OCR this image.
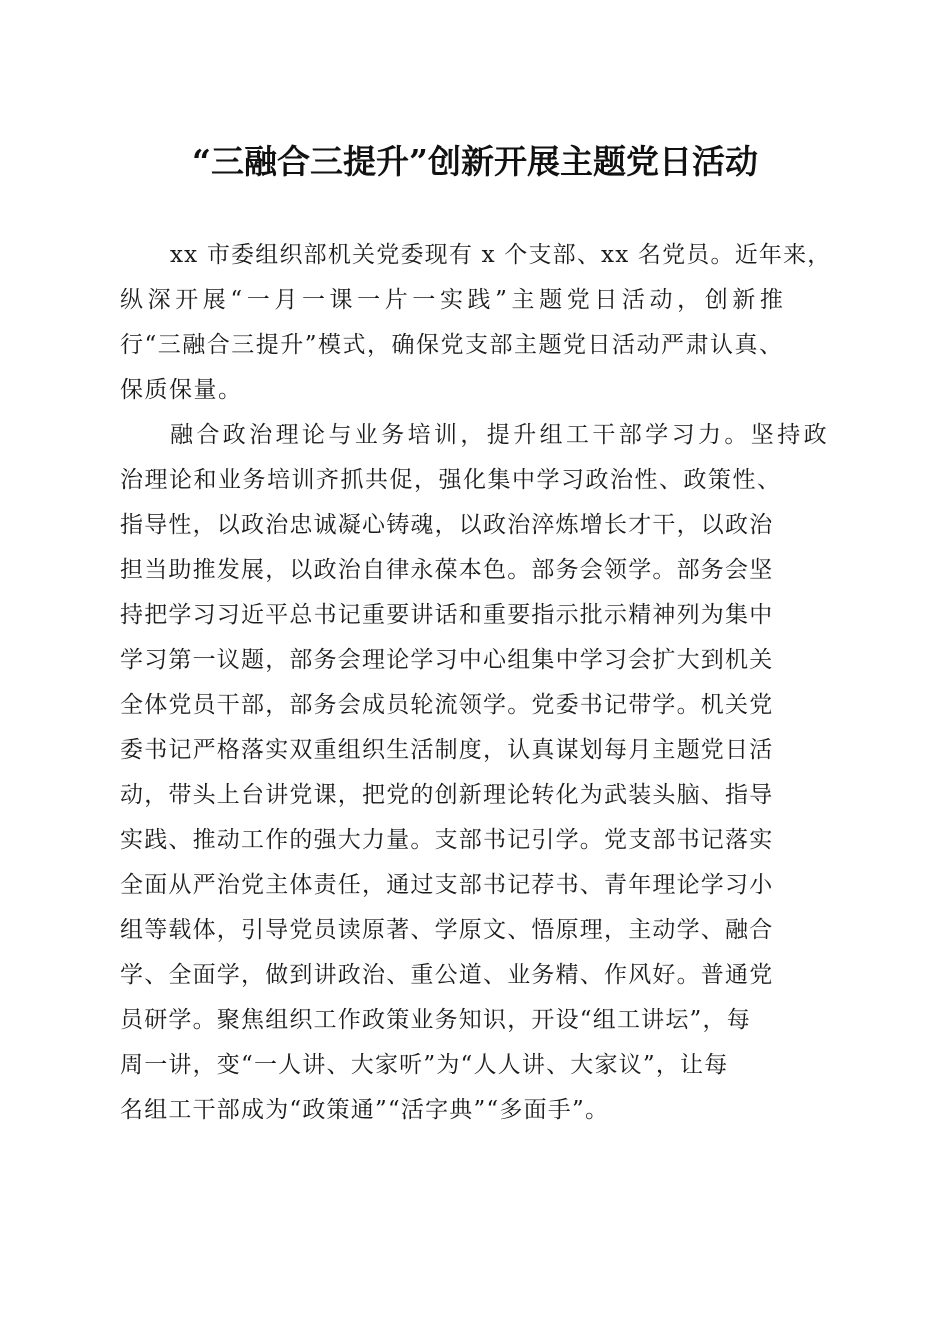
“三融合三提升”创新开展主题党日活动
xx 市委组织部机关党委现有 x 个支部、xx 名党员。近年来，
纵深开展“一月一课一片一实践”主题党日活动，创新推
行“三融合三提升”模式，确保党支部主题党日活动严肃认真、
保质保量。
融合政治理论与业务培训，提升组工干部学习力。坚持政
治理论和业务培训齐抓共促，强化集中学习政治性、政策性、
指导性，以政治忠诚凝心铸魂，以政治淬炼增长才干，以政治
担当助推发展，以政治自律永葆本色。部务会领学。部务会坚
持把学习习近平总书记重要讲话和重要指示批示精神列为集中
学习第一议题，部务会理论学习中心组集中学习会扩大到机关
全体党员干部，部务会成员轮流领学。党委书记带学。机关党
委书记严格落实双重组织生活制度，认真谋划每月主题党日活
动，带头上台讲党课，把党的创新理论转化为武装头脑、指导
实践、推动工作的强大力量。支部书记引学。党支部书记落实
全面从严治党主体责任，通过支部书记荐书、青年理论学习小
组等载体，引导党员读原著、学原文、悟原理，主动学、融合
学、全面学，做到讲政治、重公道、业务精、作风好。普通党
员研学。聚焦组织工作政策业务知识，开设“组工讲坛”，每
周一讲，变“一人讲、大家听”为“人人讲、大家议”，让每
名组工干部成为“政策通”“活字典”“多面手”。
